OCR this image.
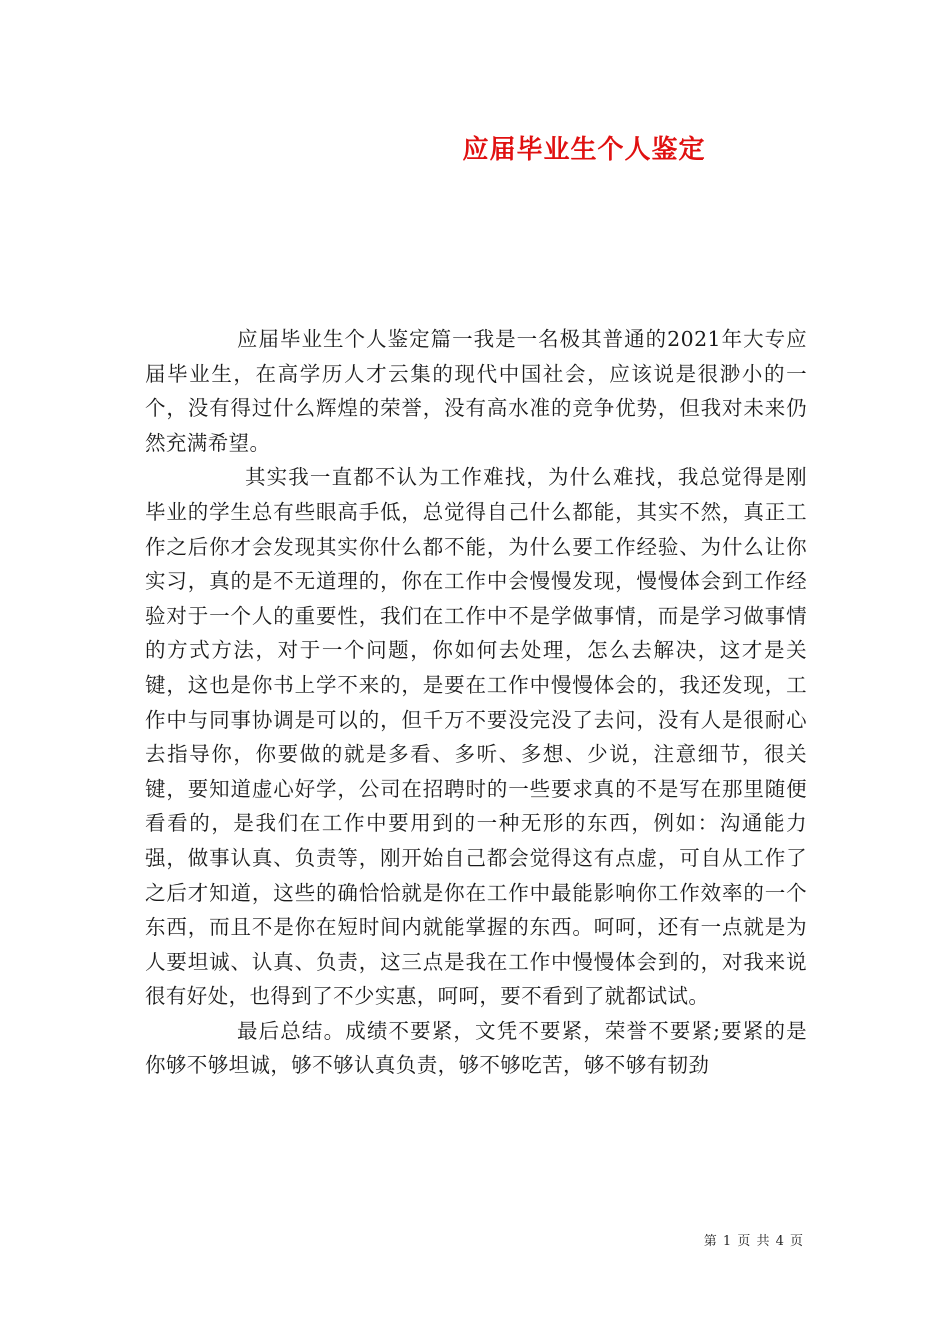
应届毕业生个人鉴定

应届毕业生个人鉴定篇一我是一名极其普通的2021年大专应届毕业生，在高学历人才云集的现代中国社会，应该说是很渺小的一个，没有得过什么辉煌的荣誉，没有高水准的竞争优势，但我对未来仍然充满希望。

其实我一直都不认为工作难找，为什么难找，我总觉得是刚毕业的学生总有些眼高手低，总觉得自己什么都能，其实不然，真正工作之后你才会发现其实你什么都不能，为什么要工作经验、为什么让你实习，真的是不无道理的，你在工作中会慢慢发现，慢慢体会到工作经验对于一个人的重要性，我们在工作中不是学做事情，而是学习做事情的方式方法，对于一个问题，你如何去处理，怎么去解决，这才是关键，这也是你书上学不来的，是要在工作中慢慢体会的，我还发现，工作中与同事协调是可以的，但千万不要没完没了去问，没有人是很耐心去指导你，你要做的就是多看、多听、多想、少说，注意细节，很关键，要知道虚心好学，公司在招聘时的一些要求真的不是写在那里随便看看的，是我们在工作中要用到的一种无形的东西，例如：沟通能力强，做事认真、负责等，刚开始自己都会觉得这有点虚，可自从工作了之后才知道，这些的确恰恰就是你在工作中最能影响你工作效率的一个东西，而且不是你在短时间内就能掌握的东西。呵呵，还有一点就是为人要坦诚、认真、负责，这三点是我在工作中慢慢体会到的，对我来说很有好处，也得到了不少实惠，呵呵，要不看到了就都试试。

最后总结。成绩不要紧，文凭不要紧，荣誉不要紧;要紧的是你够不够坦诚，够不够认真负责，够不够吃苦，够不够有韧劲

第 1 页 共 4 页
